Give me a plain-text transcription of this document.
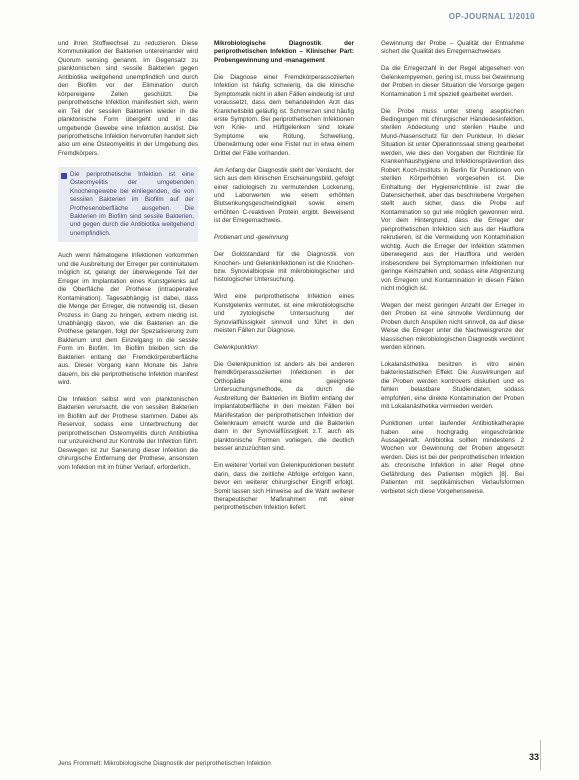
OP-JOURNAL 1/2010

und ihren Stoffwechsel zu reduzieren. Diese Kommunikation der Bakterien untereinander wird Quorum sensing genannt. Im Gegensatz zu planktonischen sind sessile Bakterien gegen Antibiotika weitgehend unempfindlich und durch den Biofilm vor der Elimination durch körpereigene Zellen geschützt. Die periprothetische Infektion manifestiert sich, wenn ein Teil der sessilen Bakterien wieder in die planktonische Form übergeht und in das umgebende Gewebe eine Infektion auslöst. Die periprothetische Infektion hervorrufen handelt sich also um eine Osteomyelitis in der Umgebung des Fremdkörpers.

Die periprothetische Infektion ist eine Osteomyelitis der umgebenden Knochengewebe bei einliegenden, die von sessilen Bakterien im Biofilm auf der Prothesenoberfläche ausgehen. Die Bakterien im Biofilm sind sessile Bakterien, und gegen durch die Antibiotika weitgehend unempfindlich.

Auch wenn hämatogene Infektionen vorkommen und die Ausbreitung der Erreger per continuitatem möglich ist, gelangt der überwiegende Teil der Erreger im Implantation eines Kunstgelenks auf die Oberfläche der Prothese (intraoperative Kontamination). Tagesabhängig ist dabei, dass die Menge der Erreger, die notwendig ist, diesen Prozess in Gang zu bringen, extrem niedrig ist. Unabhängig davon, wie die Bakterien an die Prothese gelangen, folgt der Spezialisierung zum Bakterium und dem Einzelgang in die sessile Form im Biofilm. Im Biofilm bleiben sich die Bakterien entlang der Fremdkörperoberfläche aus. Dieser Vorgang kann Monate bis Jahre dauern, bis die periprothetische Infektion manifest wird.

Die Infektion selbst wird von planktonischen Bakterien verursacht, die von sessilen Bakterien im Biofilm auf der Prothese stammen. Dabei als Reservoir, sodass eine Unterbrechung der periprothetischen Osteomyelitis durch Antibiotika nur unzureichend zur Kontrolle der Infektion führt. Deswegen ist zur Sanierung dieser Infektion die chirurgische Entfernung der Prothese, ansonsten vom Infektion mit im früher Verlauf, erforderlich.

Mikrobiologische Diagnostik der periprothetischen Infektion – Klinischer Part: Probengewinnung und -management

Die Diagnose einer Fremdkörperassoziierten Infektion ist häufig schwierig, da die klinische Symptomatik nicht in allen Fällen eindeutig ist und voraussetzt, dass dem behandelnden Arzt das Krankheitsbild geläufig ist. Schmerzen sind häufig erste Symptom. Bei periprothetischen Infektionen von Knie- und Hüftgelenken sind lokale Symptome wie Rötung, Schwellung, Überwärmung oder eine Fistel nur in etwa einem Drittel der Fälle vorhanden.

Am Anfang der Diagnostik steht der Verdacht, der sich aus dem klinischen Erscheinungsbild, gefolgt einer radiologisch zu vermutenden Lockerung, und Laborwerten wie einem erhöhten Blutsenkungsgeschwindigkeit sowie einem erhöhten C-reaktiven Protein ergibt. Beweisend ist der Erregernachweis.

Probenart und -gewinnung

Der Goldstandard für die Diagnostik von Knochen- und Gelenkinfektionen ist die Knochen- bzw. Synovialbiopsie mit mikrobiologischer und histologischer Untersuchung.

Wird eine periprothetische Infektion eines Kunstgelenks vermutet, ist eine mikrobiologische und zytologische Untersuchung der Synovialflüssigkeit sinnvoll und führt in den meisten Fällen zur Diagnose.

Gelenkpunktion

Die Gelenkpunktion ist anders als bei anderen fremdkörperassoziierten Infektionen in der Orthopädie eine geeignete Untersuchungsmethode, da durch die Ausbreitung der Bakterien im Biofilm entlang der Implantatoberfläche in den meisten Fällen bei Manifestation der periprothetischen Infektion der Gelenkraum erreicht wurde und die Bakterien dann in der Synovialflüssigkeit z.T. auch als planktonische Formen vorliegen, die deutlich besser anzuzüchten sind.

Ein weiterer Vorteil von Gelenkpunktionen besteht darin, dass die zeitliche Abfolge erfolgen kann, bevor ein weiterer chirurgischer Eingriff erfolgt. Somit lassen sich Hinweise auf die Wahl weiterer therapeutischer Maßnahmen mit einer periprothetischen Infektion liefert.

Gewinnung der Probe – Qualität der Entnahme sichert die Qualität des Erregernachweises

Da die Erregerzahl in der Regel abgesehen von Gelenkempyemen, gering ist, muss bei Gewinnung der Proben in dieser Situation die Vorsorge gegen Kontamination 1 mit speziell gearbeitet werden.

Die Probe muss unter streng aseptischen Bedingungen mit chirurgischer Händedesinfektion, sterilen Abdeckung und sterilen Haube und Mund-/Nasenschutz für den Punkteur. In dieser Situation ist unter Operationssaal streng gearbeitet werden, wie dies den Vorgaben der Richtlinie für Krankenhaushygiene und Infektionsprävention des Robert Koch-Instituts in Berlin für Punktionen von sterilen Körperhöhlen vorgesehen ist. Die Einhaltung der Hygienerichtlinie ist zwar die Datensicherheit, aber das beschriebene Vorgehen stellt auch sicher, dass die Probe auf Kontamination so gut wie möglich gewonnen wird. Vor dem Hintergrund, dass die Erreger der periprothetischen Infektion sich aus der Hautflora rekrutieren, ist die Vermeidung von Kontamination wichtig. Auch die Erreger der Infektion stammen überwiegend aus der Hautflora und werden insbesondere bei Symptomarmen Infektionen nur geringe Keimzahlen und, sodass eine Abgrenzung von Erregern und Kontamination in diesen Fällen nicht möglich ist.

Wegen der meist geringen Anzahl der Erreger in den Proben ist eine sinnvolle Verdünnung der Proben durch Anspülen nicht sinnvoll, da auf diese Weise die Erreger unter die Nachweisgrenze der klassischen mikrobiologischen Diagnostik verdünnt werden können.

Lokalanästhetika besitzen in vitro einen bakteriostatischen Effekt. Die Auswirkungen auf die Proben werden kontrovers diskutiert und es fehlen belastbare Studiendaten, sodass empfohlen, eine direkte Kontamination der Proben mit Lokalanästhetika vermieden werden.

Punktionen unter laufender Antibiotikatherapie haben eine hochgradig eingeschränkte Aussagekraft. Antibiotika sollten mindestens 2 Wochen vor Gewinnung der Proben abgesetzt werden. Dies ist bei der periprothetischen Infektion als chronische Infektion in aller Regel ohne Gefährdung des Patienten möglich [8]. Bei Patienten mit septikämischen Verlaufsformen verbietet sich diese Vorgehensweise.

Jens Frommelt: Mikrobiologische Diagnostik der periprothetischen Infektion
33
